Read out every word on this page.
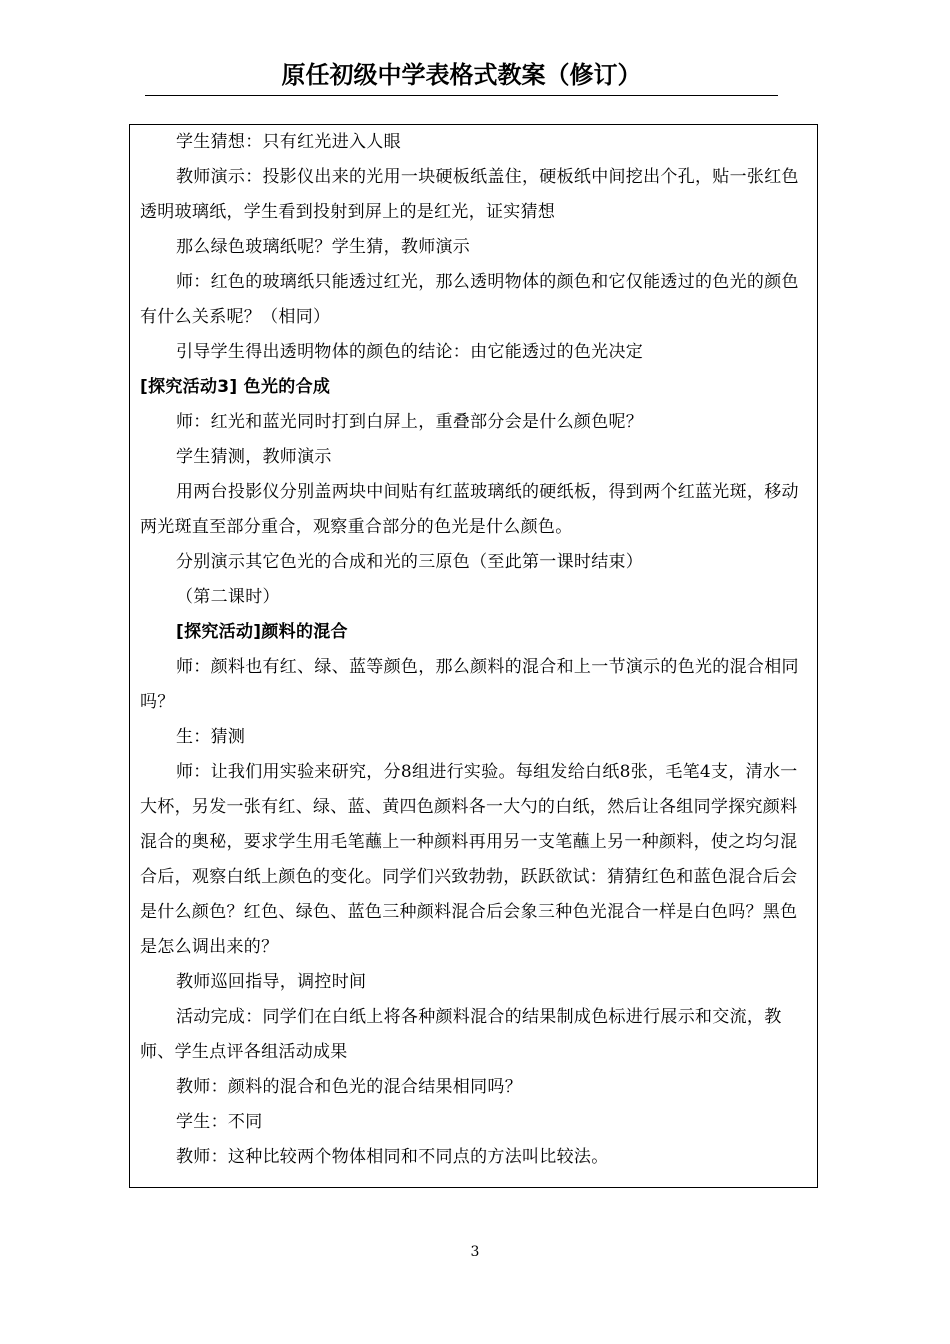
原任初级中学表格式教案（修订）

学生猜想：只有红光进入人眼

教师演示：投影仪出来的光用一块硬板纸盖住，硬板纸中间挖出个孔，贴一张红色透明玻璃纸，学生看到投射到屏上的是红光，证实猜想

那么绿色玻璃纸呢？学生猜，教师演示

师：红色的玻璃纸只能透过红光，那么透明物体的颜色和它仅能透过的色光的颜色有什么关系呢？（相同）

引导学生得出透明物体的颜色的结论：由它能透过的色光决定

[探究活动3] 色光的合成

师：红光和蓝光同时打到白屏上，重叠部分会是什么颜色呢？

学生猜测，教师演示

用两台投影仪分别盖两块中间贴有红蓝玻璃纸的硬纸板，得到两个红蓝光斑，移动两光斑直至部分重合，观察重合部分的色光是什么颜色。

分别演示其它色光的合成和光的三原色（至此第一课时结束）

（第二课时）

[探究活动]颜料的混合

师：颜料也有红、绿、蓝等颜色，那么颜料的混合和上一节演示的色光的混合相同吗？

生：猜测

师：让我们用实验来研究，分8组进行实验。每组发给白纸8张，毛笔4支，清水一大杯，另发一张有红、绿、蓝、黄四色颜料各一大勺的白纸，然后让各组同学探究颜料混合的奥秘，要求学生用毛笔蘸上一种颜料再用另一支笔蘸上另一种颜料，使之均匀混合后，观察白纸上颜色的变化。同学们兴致勃勃，跃跃欲试：猜猜红色和蓝色混合后会是什么颜色？红色、绿色、蓝色三种颜料混合后会象三种色光混合一样是白色吗？黑色是怎么调出来的？

教师巡回指导，调控时间

活动完成：同学们在白纸上将各种颜料混合的结果制成色标进行展示和交流，教师、学生点评各组活动成果

教师：颜料的混合和色光的混合结果相同吗？

学生：不同

教师：这种比较两个物体相同和不同点的方法叫比较法。

3
